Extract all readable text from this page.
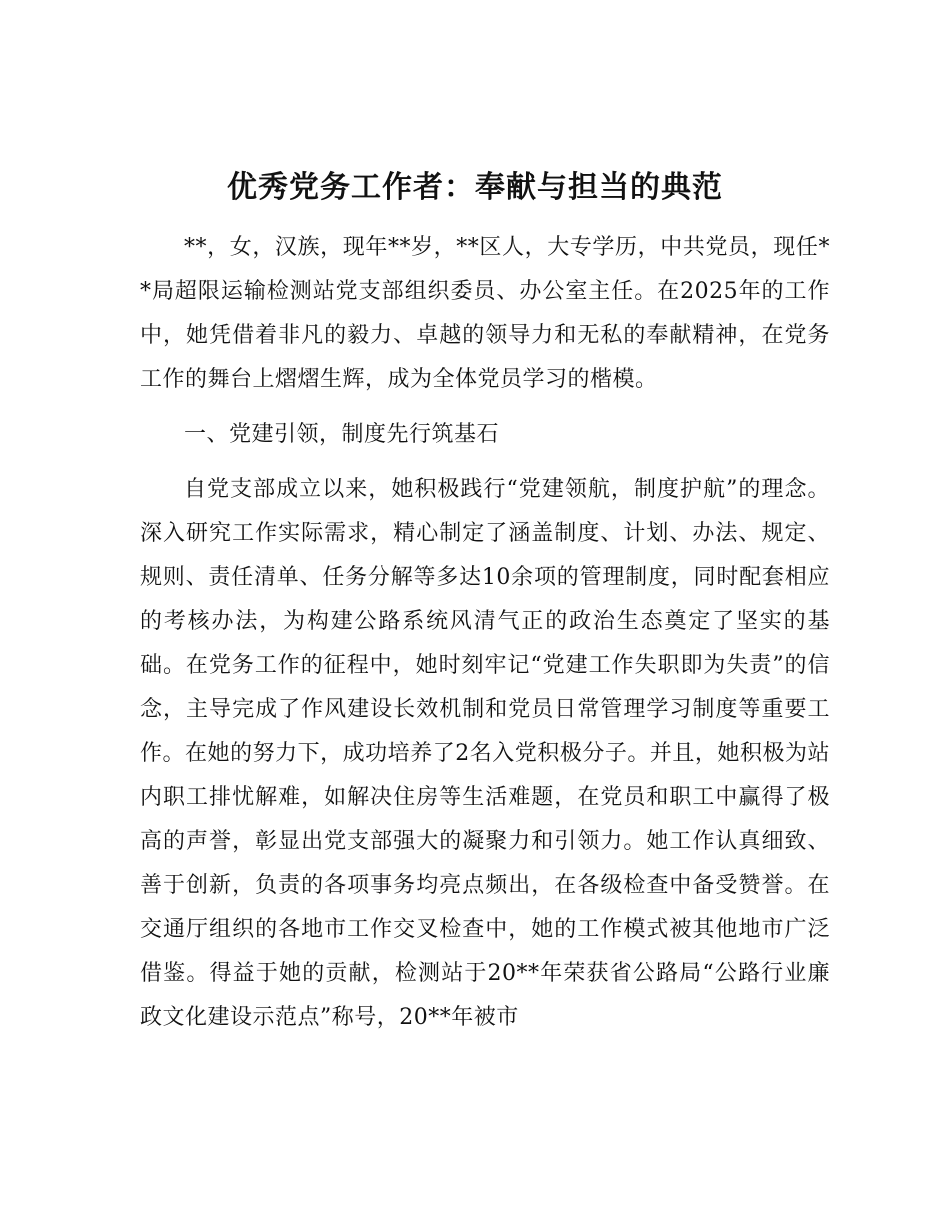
优秀党务工作者：奉献与担当的典范

**，女，汉族，现年**岁，**区人，大专学历，中共党员，现任**局超限运输检测站党支部组织委员、办公室主任。在2025年的工作中，她凭借着非凡的毅力、卓越的领导力和无私的奉献精神，在党务工作的舞台上熠熠生辉，成为全体党员学习的楷模。

一、党建引领，制度先行筑基石

自党支部成立以来，她积极践行“党建领航，制度护航”的理念。深入研究工作实际需求，精心制定了涵盖制度、计划、办法、规定、规则、责任清单、任务分解等多达10余项的管理制度，同时配套相应的考核办法，为构建公路系统风清气正的政治生态奠定了坚实的基础。在党务工作的征程中，她时刻牢记“党建工作失职即为失责”的信念，主导完成了作风建设长效机制和党员日常管理学习制度等重要工作。在她的努力下，成功培养了2名入党积极分子。并且，她积极为站内职工排忧解难，如解决住房等生活难题，在党员和职工中赢得了极高的声誉，彰显出党支部强大的凝聚力和引领力。她工作认真细致、善于创新，负责的各项事务均亮点频出，在各级检查中备受赞誉。在交通厅组织的各地市工作交叉检查中，她的工作模式被其他地市广泛借鉴。得益于她的贡献，检测站于20**年荣获省公路局“公路行业廉政文化建设示范点”称号，20**年被市
